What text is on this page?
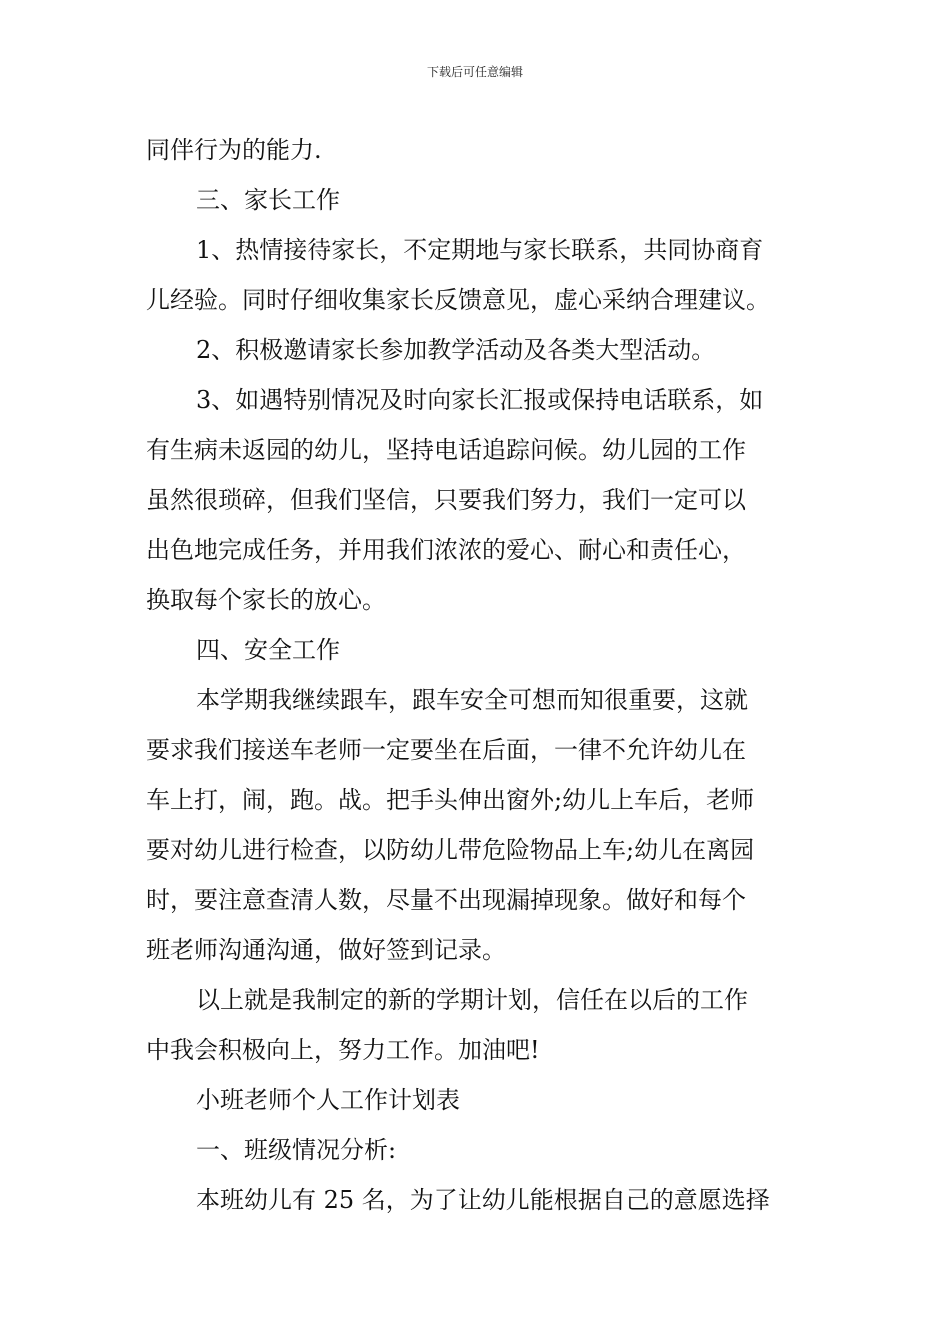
下载后可任意编辑
同伴行为的能力.
三、家长工作
1、热情接待家长，不定期地与家长联系，共同协商育
儿经验。同时仔细收集家长反馈意见，虚心采纳合理建议。
2、积极邀请家长参加教学活动及各类大型活动。
3、如遇特别情况及时向家长汇报或保持电话联系，如
有生病未返园的幼儿，坚持电话追踪问候。幼儿园的工作
虽然很琐碎，但我们坚信，只要我们努力，我们一定可以
出色地完成任务，并用我们浓浓的爱心、耐心和责任心，
换取每个家长的放心。
四、安全工作
本学期我继续跟车，跟车安全可想而知很重要，这就
要求我们接送车老师一定要坐在后面，一律不允许幼儿在
车上打，闹，跑。战。把手头伸出窗外;幼儿上车后，老师
要对幼儿进行检查，以防幼儿带危险物品上车;幼儿在离园
时，要注意查清人数，尽量不出现漏掉现象。做好和每个
班老师沟通沟通，做好签到记录。
以上就是我制定的新的学期计划，信任在以后的工作
中我会积极向上，努力工作。加油吧!
小班老师个人工作计划表
一、班级情况分析:
本班幼儿有 25 名，为了让幼儿能根据自己的意愿选择
